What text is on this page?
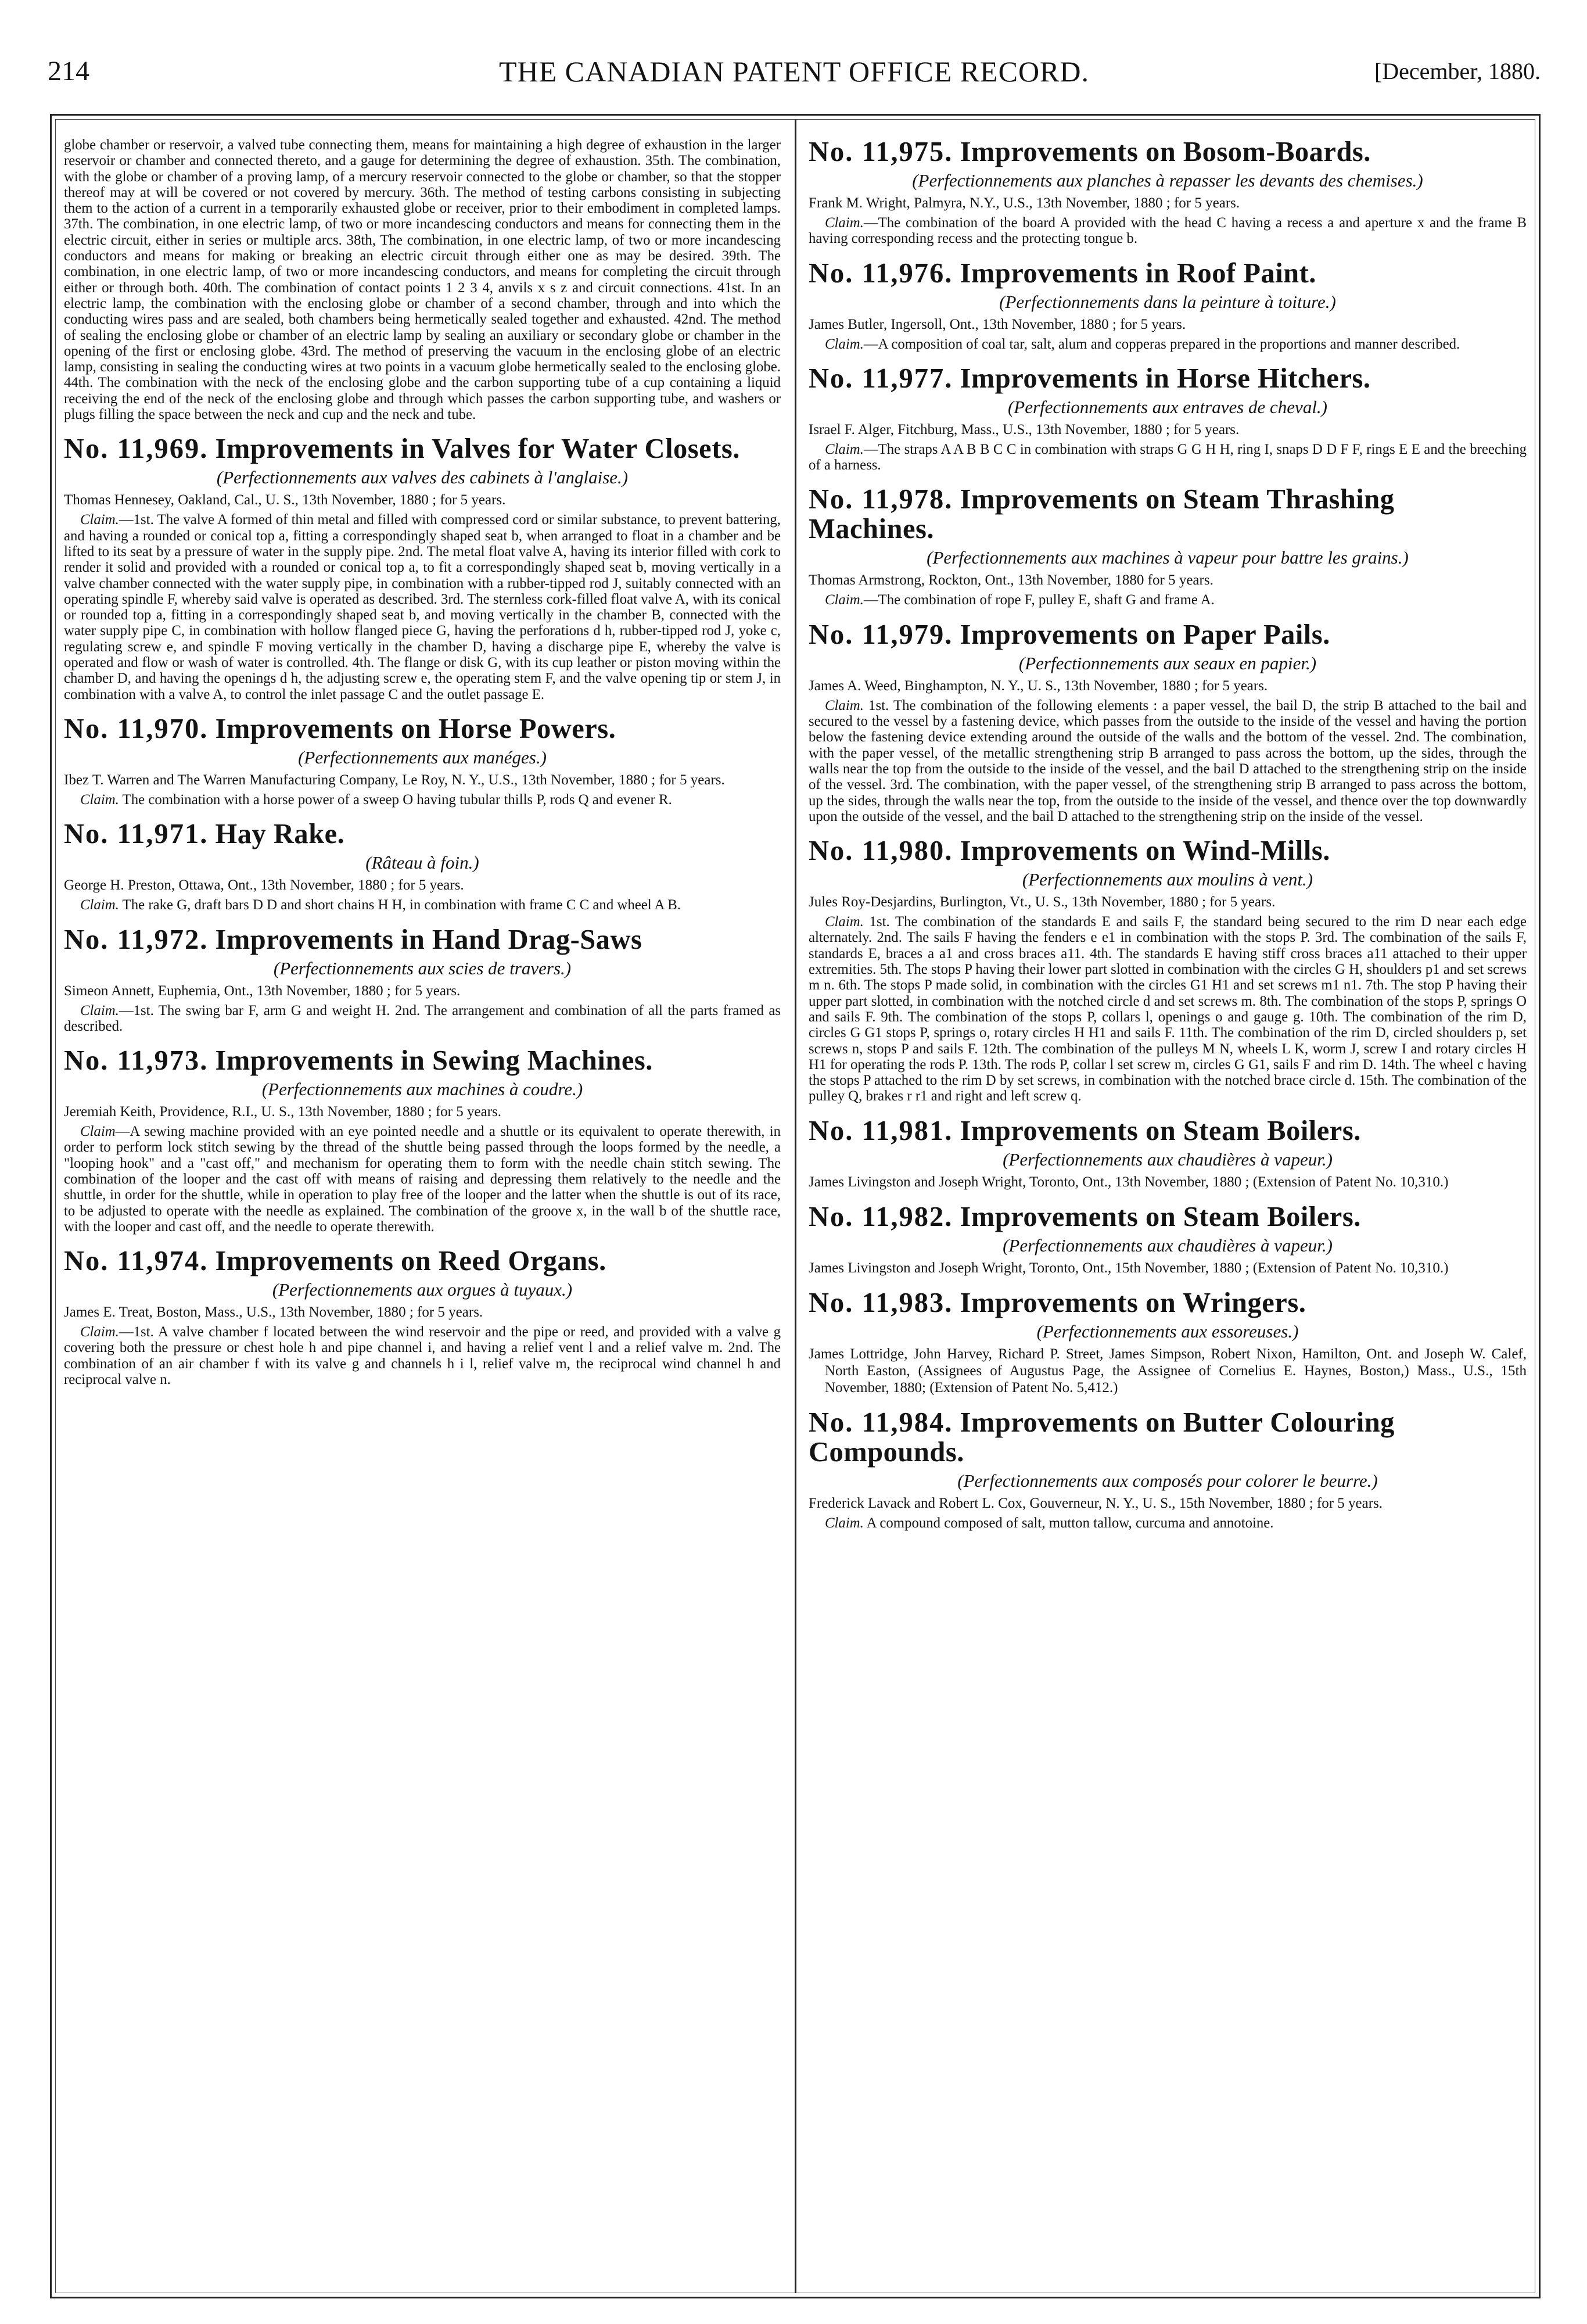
214	THE CANADIAN PATENT OFFICE RECORD.	[December, 1880.

globe chamber or reservoir, a valved tube connecting them, means for maintaining a high degree of exhaustion in the larger reservoir or chamber and connected thereto, and a gauge for determining the degree of exhaustion. 35th. The combination, with the globe or chamber of a proving lamp, of a mercury reservoir connected to the globe or chamber, so that the stopper thereof may at will be covered or not covered by mercury. 36th. The method of testing carbons consisting in subjecting them to the action of a current in a temporarily exhausted globe or receiver, prior to their embodiment in completed lamps. 37th. The combination, in one electric lamp, of two or more incandescing conductors and means for connecting them in the electric circuit, either in series or multiple arcs. 38th, The combination, in one electric lamp, of two or more incandescing conductors and means for making or breaking an electric circuit through either one as may be desired. 39th. The combination, in one electric lamp, of two or more incandescing conductors, and means for completing the circuit through either or through both. 40th. The combination of contact points 1 2 3 4, anvils x s z and circuit connections. 41st. In an electric lamp, the combination with the enclosing globe or chamber of a second chamber, through and into which the conducting wires pass and are sealed, both chambers being hermetically sealed together and exhausted. 42nd. The method of sealing the enclosing globe or chamber of an electric lamp by sealing an auxiliary or secondary globe or chamber in the opening of the first or enclosing globe. 43rd. The method of preserving the vacuum in the enclosing globe of an electric lamp, consisting in sealing the conducting wires at two points in a vacuum globe hermetically sealed to the enclosing globe. 44th. The combination with the neck of the enclosing globe and the carbon supporting tube of a cup containing a liquid receiving the end of the neck of the enclosing globe and through which passes the carbon supporting tube, and washers or plugs filling the space between the neck and cup and the neck and tube.

No. 11,969. Improvements in Valves for Water Closets.
(Perfectionnements aux valves des cabinets à l'anglaise.)

Thomas Hennesey, Oakland, Cal., U. S., 13th November, 1880 ; for 5 years.

Claim.—1st. The valve A formed of thin metal and filled with compressed cord or similar substance, to prevent battering, and having a rounded or conical top a, fitting a correspondingly shaped seat b, when arranged to float in a chamber and be lifted to its seat by a pressure of water in the supply pipe. 2nd. The metal float valve A, having its interior filled with cork to render it solid and provided with a rounded or conical top a, to fit a correspondingly shaped seat b, moving vertically in a valve chamber connected with the water supply pipe, in combination with a rubber-tipped rod J, suitably connected with an operating spindle F, whereby said valve is operated as described. 3rd. The sternless cork-filled float valve A, with its conical or rounded top a, fitting in a correspondingly shaped seat b, and moving vertically in the chamber B, connected with the water supply pipe C, in combination with hollow flanged piece G, having the perforations d h, rubber-tipped rod J, yoke c, regulating screw e, and spindle F moving vertically in the chamber D, having a discharge pipe E, whereby the valve is operated and flow or wash of water is controlled. 4th. The flange or disk G, with its cup leather or piston moving within the chamber D, and having the openings d h, the adjusting screw e, the operating stem F, and the valve opening tip or stem J, in combination with a valve A, to control the inlet passage C and the outlet passage E.

No. 11,970. Improvements on Horse Powers.
(Perfectionnements aux manéges.)

Ibez T. Warren and The Warren Manufacturing Company, Le Roy, N. Y., U.S., 13th November, 1880 ; for 5 years.

Claim. The combination with a horse power of a sweep O having tubular thills P, rods Q and evener R.

No. 11,971. Hay Rake.
(Râteau à foin.)

George H. Preston, Ottawa, Ont., 13th November, 1880 ; for 5 years.

Claim. The rake G, draft bars D D and short chains H H, in combination with frame C C and wheel A B.

No. 11,972. Improvements in Hand Drag-Saws
(Perfectionnements aux scies de travers.)

Simeon Annett, Euphemia, Ont., 13th November, 1880 ; for 5 years.

Claim.—1st. The swing bar F, arm G and weight H. 2nd. The arrangement and combination of all the parts framed as described.

No. 11,973. Improvements in Sewing Machines.
(Perfectionnements aux machines à coudre.)

Jeremiah Keith, Providence, R.I., U. S., 13th November, 1880 ; for 5 years.

Claim—A sewing machine provided with an eye pointed needle and a shuttle or its equivalent to operate therewith, in order to perform lock stitch sewing by the thread of the shuttle being passed through the loops formed by the needle, a "looping hook" and a "cast off," and mechanism for operating them to form with the needle chain stitch sewing. The combination of the looper and the cast off with means of raising and depressing them relatively to the needle and the shuttle, in order for the shuttle, while in operation to play free of the looper and the latter when the shuttle is out of its race, to be adjusted to operate with the needle as explained. The combination of the groove x, in the wall b of the shuttle race, with the looper and cast off, and the needle to operate therewith.

No. 11,974. Improvements on Reed Organs.
(Perfectionnements aux orgues à tuyaux.)

James E. Treat, Boston, Mass., U.S., 13th November, 1880 ; for 5 years.

Claim.—1st. A valve chamber f located between the wind reservoir and the pipe or reed, and provided with a valve g covering both the pressure or chest hole h and pipe channel i, and having a relief vent l and a relief valve m. 2nd. The combination of an air chamber f with its valve g and channels h i l, relief valve m, the reciprocal wind channel h and reciprocal valve n.

No. 11,975. Improvements on Bosom-Boards.
(Perfectionnements aux planches à repasser les devants des chemises.)

Frank M. Wright, Palmyra, N.Y., U.S., 13th November, 1880 ; for 5 years.

Claim.—The combination of the board A provided with the head C having a recess a and aperture x and the frame B having corresponding recess and the protecting tongue b.

No. 11,976. Improvements in Roof Paint.
(Perfectionnements dans la peinture à toiture.)

James Butler, Ingersoll, Ont., 13th November, 1880 ; for 5 years.

Claim.—A composition of coal tar, salt, alum and copperas prepared in the proportions and manner described.

No. 11,977. Improvements in Horse Hitchers.
(Perfectionnements aux entraves de cheval.)

Israel F. Alger, Fitchburg, Mass., U.S., 13th November, 1880 ; for 5 years.

Claim.—The straps A A B B C C in combination with straps G G H H, ring I, snaps D D F F, rings E E and the breeching of a harness.

No. 11,978. Improvements on Steam Thrashing Machines.
(Perfectionnements aux machines à vapeur pour battre les grains.)

Thomas Armstrong, Rockton, Ont., 13th November, 1880 for 5 years.

Claim.—The combination of rope F, pulley E, shaft G and frame A.

No. 11,979. Improvements on Paper Pails.
(Perfectionnements aux seaux en papier.)

James A. Weed, Binghampton, N. Y., U. S., 13th November, 1880 ; for 5 years.

Claim. 1st. The combination of the following elements : a paper vessel, the bail D, the strip B attached to the bail and secured to the vessel by a fastening device, which passes from the outside to the inside of the vessel and having the portion below the fastening device extending around the outside of the walls and the bottom of the vessel. 2nd. The combination, with the paper vessel, of the metallic strengthening strip B arranged to pass across the bottom, up the sides, through the walls near the top from the outside to the inside of the vessel, and the bail D attached to the strengthening strip on the inside of the vessel. 3rd. The combination, with the paper vessel, of the strengthening strip B arranged to pass across the bottom, up the sides, through the walls near the top, from the outside to the inside of the vessel, and thence over the top downwardly upon the outside of the vessel, and the bail D attached to the strengthening strip on the inside of the vessel.

No. 11,980. Improvements on Wind-Mills.
(Perfectionnements aux moulins à vent.)

Jules Roy-Desjardins, Burlington, Vt., U. S., 13th November, 1880 ; for 5 years.

Claim. 1st. The combination of the standards E and sails F, the standard being secured to the rim D near each edge alternately. 2nd. The sails F having the fenders e e1 in combination with the stops P. 3rd. The combination of the sails F, standards E, braces a a1 and cross braces a11. 4th. The standards E having stiff cross braces a11 attached to their upper extremities. 5th. The stops P having their lower part slotted in combination with the circles G H, shoulders p1 and set screws m n. 6th. The stops P made solid, in combination with the circles G1 H1 and set screws m1 n1. 7th. The stop P having their upper part slotted, in combination with the notched circle d and set screws m. 8th. The combination of the stops P, springs O and sails F. 9th. The combination of the stops P, collars l, openings o and gauge g. 10th. The combination of the rim D, circles G G1 stops P, springs o, rotary circles H H1 and sails F. 11th. The combination of the rim D, circled shoulders p, set screws n, stops P and sails F. 12th. The combination of the pulleys M N, wheels L K, worm J, screw I and rotary circles H H1 for operating the rods P. 13th. The rods P, collar l set screw m, circles G G1, sails F and rim D. 14th. The wheel c having the stops P attached to the rim D by set screws, in combination with the notched brace circle d. 15th. The combination of the pulley Q, brakes r r1 and right and left screw q.

No. 11,981. Improvements on Steam Boilers.
(Perfectionnements aux chaudières à vapeur.)

James Livingston and Joseph Wright, Toronto, Ont., 13th November, 1880 ; (Extension of Patent No. 10,310.)

No. 11,982. Improvements on Steam Boilers.
(Perfectionnements aux chaudières à vapeur.)

James Livingston and Joseph Wright, Toronto, Ont., 15th November, 1880 ; (Extension of Patent No. 10,310.)

No. 11,983. Improvements on Wringers.
(Perfectionnements aux essoreuses.)

James Lottridge, John Harvey, Richard P. Street, James Simpson, Robert Nixon, Hamilton, Ont. and Joseph W. Calef, North Easton, (Assignees of Augustus Page, the Assignee of Cornelius E. Haynes, Boston,) Mass., U.S., 15th November, 1880; (Extension of Patent No. 5,412.)

No. 11,984. Improvements on Butter Colouring Compounds.
(Perfectionnements aux composés pour colorer le beurre.)

Frederick Lavack and Robert L. Cox, Gouverneur, N. Y., U. S., 15th November, 1880 ; for 5 years.

Claim. A compound composed of salt, mutton tallow, curcuma and annotoine.
